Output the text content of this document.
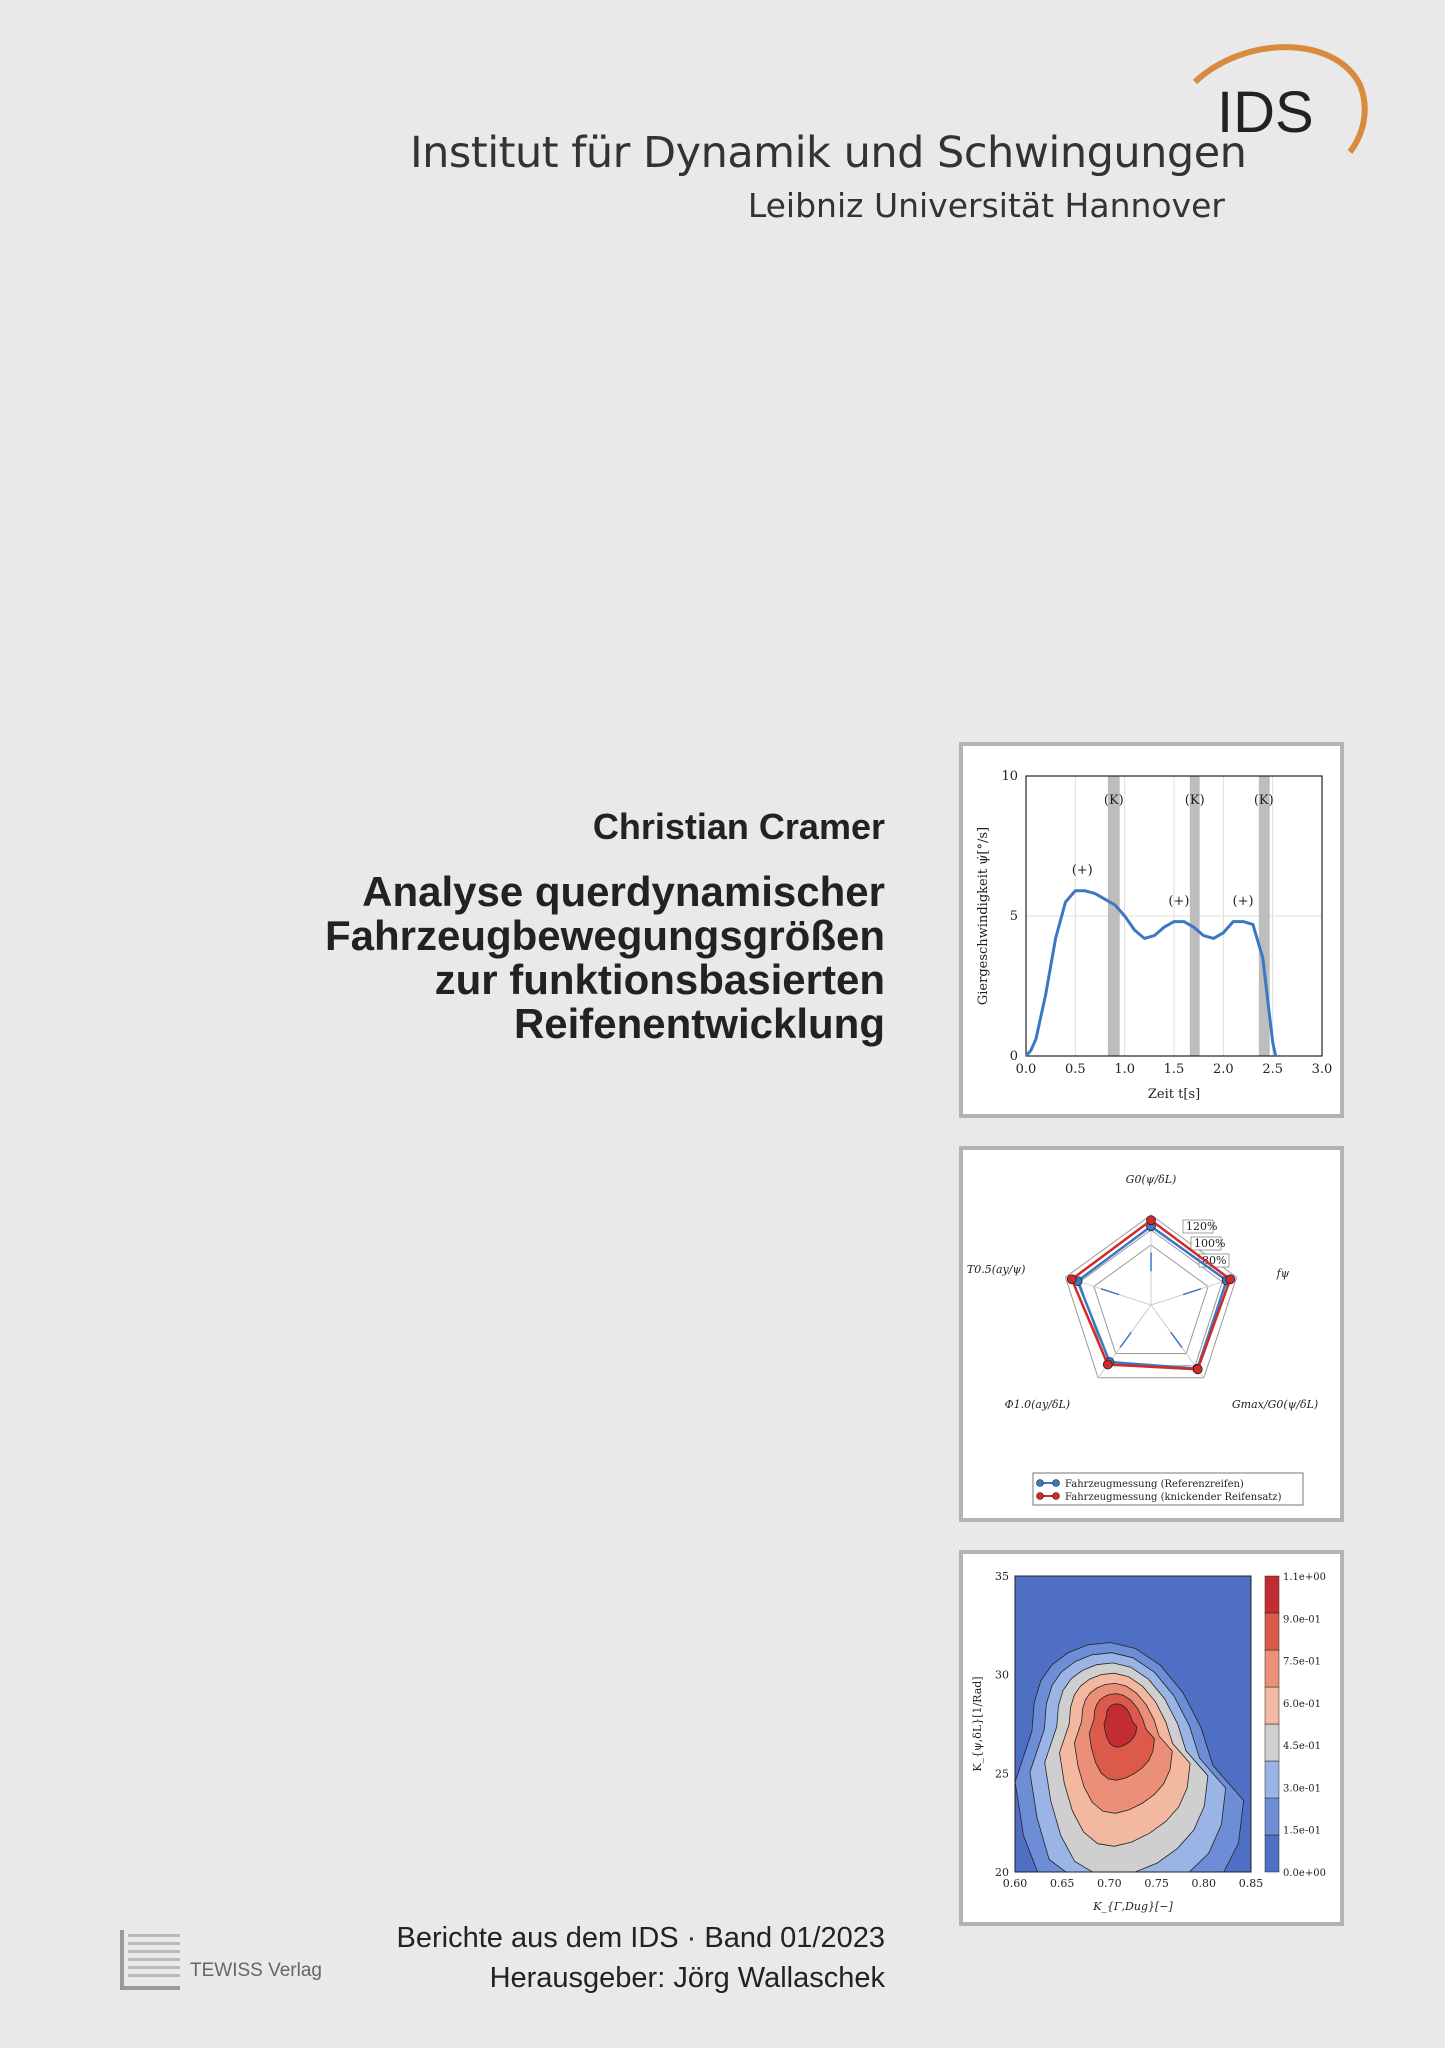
IDS
Institut für Dynamik und Schwingungen
Leibniz Universität Hannover
Christian Cramer
Analyse querdynamischer
Fahrzeugbewegungsgrößen
zur funktionsbasierten
Reifenentwicklung
0.0 0.5 1.0 1.5 2.0 2.5 3.0
0
5
10
(+)
(+)	(+)
(K)	(K)	(K)
Zeit t[s]
Giergeschwindigkeit ψ̇[°/s]
120%
100%
80%
G0(ψ/δL)
fψ
Gmax/G0(ψ/δL)
Φ1.0(ay/δL)
T0.5(ay/ψ)
Fahrzeugmessung (Referenzreifen)
Fahrzeugmessung (knickender Reifensatz)
0.60 0.65 0.70 0.75 0.80 0.85
20
25
30
35
K_{Γ,Dug}[−]
K_{ψ,δL}[1/Rad]
1.1e+00
9.0e-01
7.5e-01
6.0e-01
4.5e-01
3.0e-01
1.5e-01
0.0e+00
Berichte aus dem IDS · Band 01/2023
Herausgeber: Jörg Wallaschek
TEWISS Verlag
